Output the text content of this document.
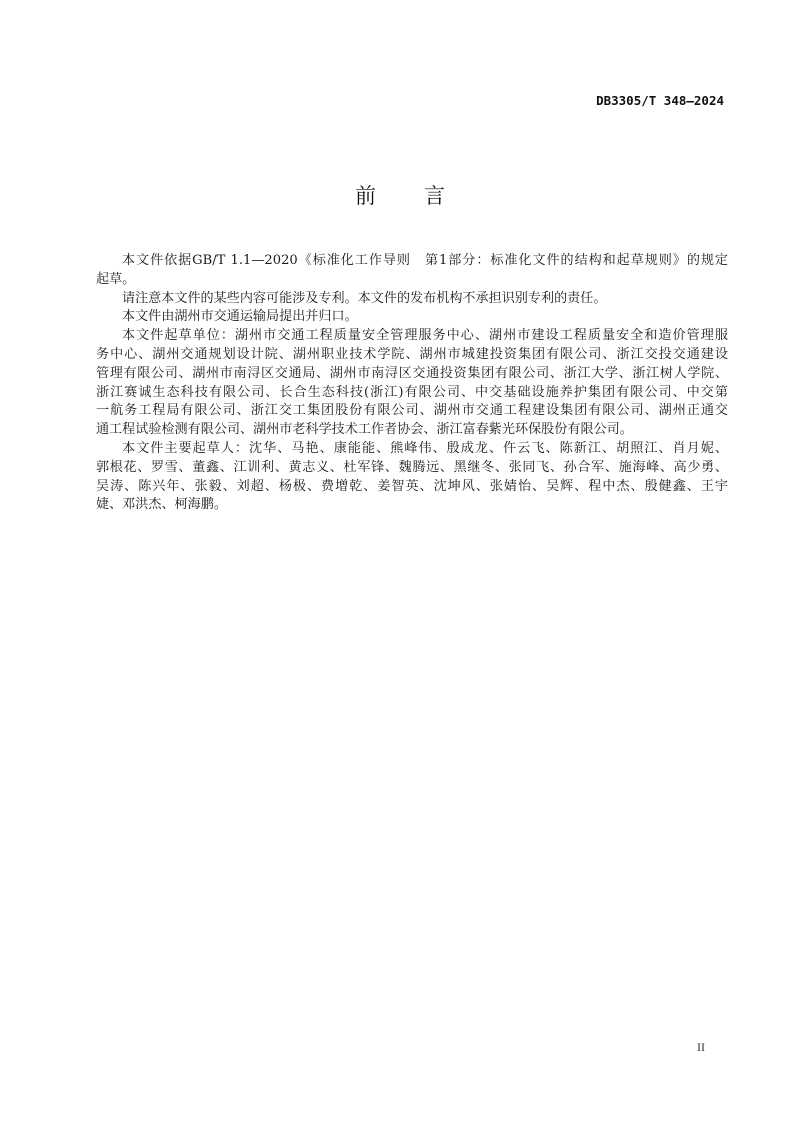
DB3305/T 348—2024
前 言
本文件依据GB/T 1.1—2020《标准化工作导则　第1部分：标准化文件的结构和起草规则》的规定
起草。
请注意本文件的某些内容可能涉及专利。本文件的发布机构不承担识别专利的责任。
本文件由湖州市交通运输局提出并归口。
本文件起草单位：湖州市交通工程质量安全管理服务中心、湖州市建设工程质量安全和造价管理服
务中心、湖州交通规划设计院、湖州职业技术学院、湖州市城建投资集团有限公司、浙江交投交通建设
管理有限公司、湖州市南浔区交通局、湖州市南浔区交通投资集团有限公司、浙江大学、浙江树人学院、
浙江赛诚生态科技有限公司、长合生态科技(浙江)有限公司、中交基础设施养护集团有限公司、中交第
一航务工程局有限公司、浙江交工集团股份有限公司、湖州市交通工程建设集团有限公司、湖州正通交
通工程试验检测有限公司、湖州市老科学技术工作者协会、浙江富春紫光环保股份有限公司。
本文件主要起草人：沈华、马艳、康能能、熊峰伟、殷成龙、仵云飞、陈新江、胡照江、肖月妮、
郭根花、罗雪、董鑫、江训利、黄志义、杜军锋、魏腾远、黑继冬、张同飞、孙合军、施海峰、高少勇、
吴涛、陈兴年、张毅、刘超、杨极、费增乾、姜智英、沈坤风、张婧怡、吴辉、程中杰、殷健鑫、王宇
婕、邓洪杰、柯海鹏。
II
